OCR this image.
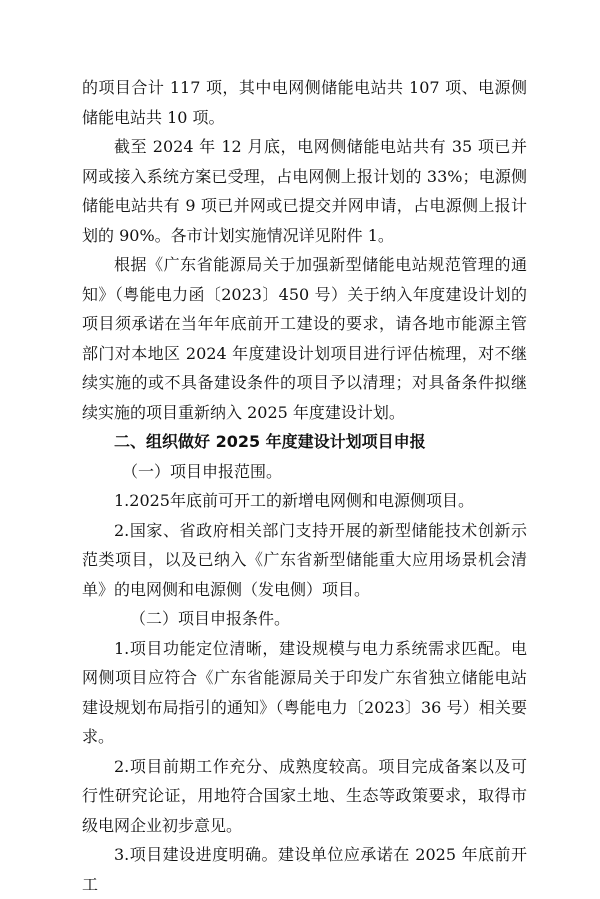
的项目合计 117 项，其中电网侧储能电站共 107 项、电源侧储能电站共 10 项。

截至 2024 年 12 月底，电网侧储能电站共有 35 项已并网或接入系统方案已受理，占电网侧上报计划的 33%；电源侧储能电站共有 9 项已并网或已提交并网申请，占电源侧上报计划的 90%。各市计划实施情况详见附件 1。

根据《广东省能源局关于加强新型储能电站规范管理的通知》（粤能电力函〔2023〕450 号）关于纳入年度建设计划的项目须承诺在当年年底前开工建设的要求，请各地市能源主管部门对本地区 2024 年度建设计划项目进行评估梳理，对不继续实施的或不具备建设条件的项目予以清理；对具备条件拟继续实施的项目重新纳入 2025 年度建设计划。

二、组织做好 2025 年度建设计划项目申报

（一）项目申报范围。

1.2025年底前可开工的新增电网侧和电源侧项目。

2.国家、省政府相关部门支持开展的新型储能技术创新示范类项目，以及已纳入《广东省新型储能重大应用场景机会清单》的电网侧和电源侧（发电侧）项目。

（二）项目申报条件。

1.项目功能定位清晰，建设规模与电力系统需求匹配。电网侧项目应符合《广东省能源局关于印发广东省独立储能电站建设规划布局指引的通知》（粤能电力〔2023〕36 号）相关要求。

2.项目前期工作充分、成熟度较高。项目完成备案以及可行性研究论证，用地符合国家土地、生态等政策要求，取得市级电网企业初步意见。

3.项目建设进度明确。建设单位应承诺在 2025 年底前开工
